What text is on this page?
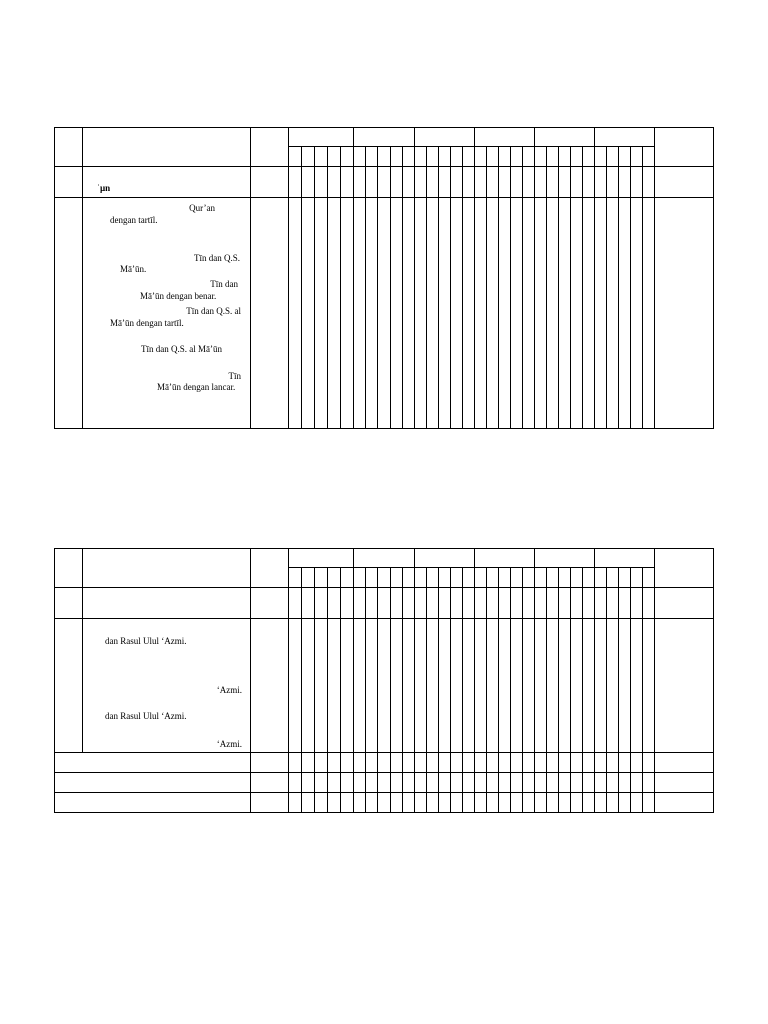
ʿµn
Qur’an
dengan tartīl.
Tīn dan Q.S.
Mā’ūn.
Tīn dan
Mā’ūn dengan benar.
Tīn dan Q.S. al
Mā’ūn dengan tartīl.
Tīn dan Q.S. al Mā’ūn
Tīn
Mā’ūn dengan lancar.
dan Rasul Ulul ‘Azmi.
‘Azmi.
dan Rasul Ulul ‘Azmi.
‘Azmi.
